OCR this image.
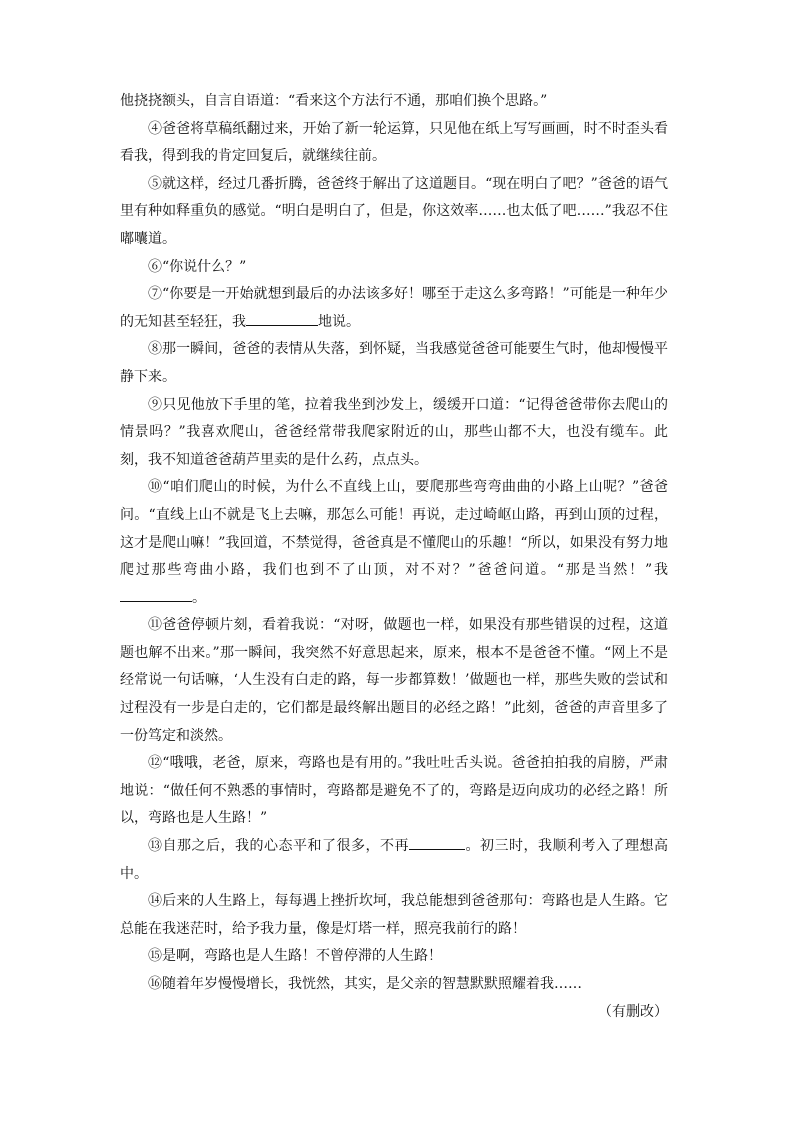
他挠挠额头，自言自语道：“看来这个方法行不通，那咱们换个思路。”

④爸爸将草稿纸翻过来，开始了新一轮运算，只见他在纸上写写画画，时不时歪头看看我，得到我的肯定回复后，就继续往前。

⑤就这样，经过几番折腾，爸爸终于解出了这道题目。“现在明白了吧？”爸爸的语气里有种如释重负的感觉。“明白是明白了，但是，你这效率……也太低了吧……”我忍不住嘟囔道。

⑥“你说什么？”

⑦“你要是一开始就想到最后的办法该多好！哪至于走这么多弯路！”可能是一种年少的无知甚至轻狂，我	地说。

⑧那一瞬间，爸爸的表情从失落，到怀疑，当我感觉爸爸可能要生气时，他却慢慢平静下来。

⑨只见他放下手里的笔，拉着我坐到沙发上，缓缓开口道：“记得爸爸带你去爬山的情景吗？”我喜欢爬山，爸爸经常带我爬家附近的山，那些山都不大，也没有缆车。此刻，我不知道爸爸葫芦里卖的是什么药，点点头。

⑩“咱们爬山的时候，为什么不直线上山，要爬那些弯弯曲曲的小路上山呢？”爸爸问。“直线上山不就是飞上去嘛，那怎么可能！再说，走过崎岖山路，再到山顶的过程，这才是爬山嘛！”我回道，不禁觉得，爸爸真是不懂爬山的乐趣！“所以，如果没有努力地爬过那些弯曲小路，我们也到不了山顶，对不对？”爸爸问道。“那是当然！”我。

⑪爸爸停顿片刻，看着我说：“对呀，做题也一样，如果没有那些错误的过程，这道题也解不出来。”那一瞬间，我突然不好意思起来，原来，根本不是爸爸不懂。“网上不是经常说一句话嘛，‘人生没有白走的路，每一步都算数！’做题也一样，那些失败的尝试和过程没有一步是白走的，它们都是最终解出题目的必经之路！”此刻，爸爸的声音里多了一份笃定和淡然。

⑫“哦哦，老爸，原来，弯路也是有用的。”我吐吐舌头说。爸爸拍拍我的肩膀，严肃地说：“做任何不熟悉的事情时，弯路都是避免不了的，弯路是迈向成功的必经之路！所以，弯路也是人生路！”

⑬自那之后，我的心态平和了很多，不再	。初三时，我顺利考入了理想高中。

⑭后来的人生路上，每每遇上挫折坎坷，我总能想到爸爸那句：弯路也是人生路。它总能在我迷茫时，给予我力量，像是灯塔一样，照亮我前行的路！

⑮是啊，弯路也是人生路！不曾停滞的人生路！

⑯随着年岁慢慢增长，我恍然，其实，是父亲的智慧默默照耀着我……

（有删改）
